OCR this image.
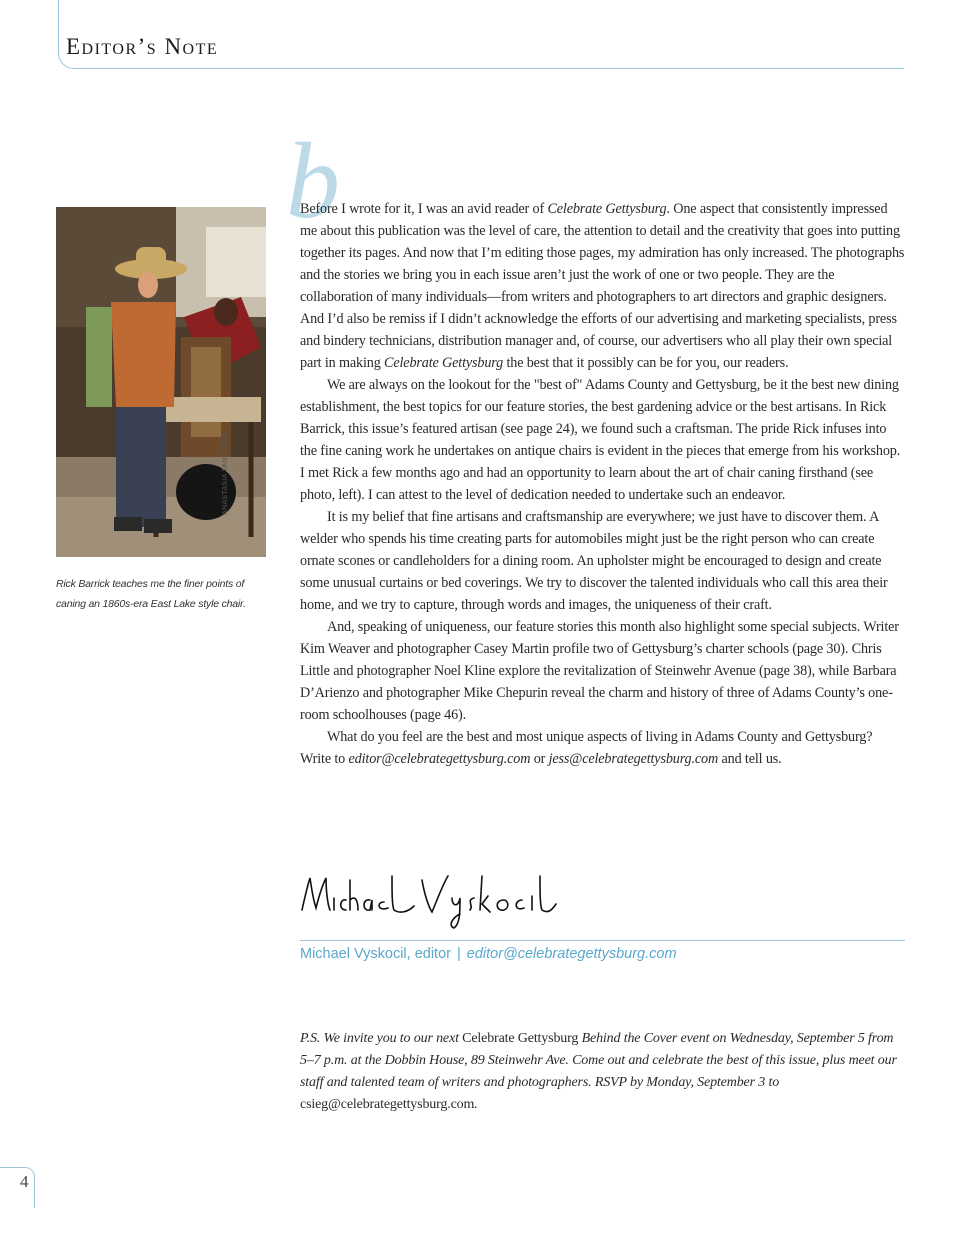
Editor’s Note
ANASTASIA TANTAROS
Rick Barrick teaches me the finer points of caning an 1860s-era East Lake style chair.
b

Before I wrote for it, I was an avid reader of Celebrate Gettysburg. One aspect that consistently impressed me about this publication was the level of care, the attention to detail and the creativity that goes into putting together its pages. And now that I’m editing those pages, my admiration has only increased. The photographs and the stories we bring you in each issue aren’t just the work of one or two people. They are the collaboration of many individuals—from writers and photographers to art directors and graphic designers. And I’d also be remiss if I didn’t acknowledge the efforts of our advertising and marketing specialists, press and bindery technicians, distribution manager and, of course, our advertisers who all play their own special part in making Celebrate Gettysburg the best that it possibly can be for you, our readers.

We are always on the lookout for the "best of" Adams County and Gettysburg, be it the best new dining establishment, the best topics for our feature stories, the best gardening advice or the best artisans. In Rick Barrick, this issue’s featured artisan (see page 24), we found such a craftsman. The pride Rick infuses into the fine caning work he undertakes on antique chairs is evident in the pieces that emerge from his workshop. I met Rick a few months ago and had an opportunity to learn about the art of chair caning firsthand (see photo, left). I can attest to the level of dedication needed to undertake such an endeavor.

It is my belief that fine artisans and craftsmanship are everywhere; we just have to discover them. A welder who spends his time creating parts for automobiles might just be the right person who can create ornate scones or candleholders for a dining room. An upholster might be encouraged to design and create some unusual curtains or bed coverings. We try to discover the talented individuals who call this area their home, and we try to capture, through words and images, the uniqueness of their craft.

And, speaking of uniqueness, our feature stories this month also highlight some special subjects. Writer Kim Weaver and photographer Casey Martin profile two of Gettysburg’s charter schools (page 30). Chris Little and photographer Noel Kline explore the revitalization of Steinwehr Avenue (page 38), while Barbara D’Arienzo and photographer Mike Chepurin reveal the charm and history of three of Adams County’s one-room schoolhouses (page 46).

What do you feel are the best and most unique aspects of living in Adams County and Gettysburg? Write to editor@celebrategettysburg.com or jess@celebrategettysburg.com and tell us.

Michael Vyskocil, editor | editor@celebrategettysburg.com
P.S. We invite you to our next Celebrate Gettysburg Behind the Cover event on Wednesday, September 5 from 5–7 p.m. at the Dobbin House, 89 Steinwehr Ave. Come out and celebrate the best of this issue, plus meet our staff and talented team of writers and photographers. RSVP by Monday, September 3 to csieg@celebrategettysburg.com.
4
